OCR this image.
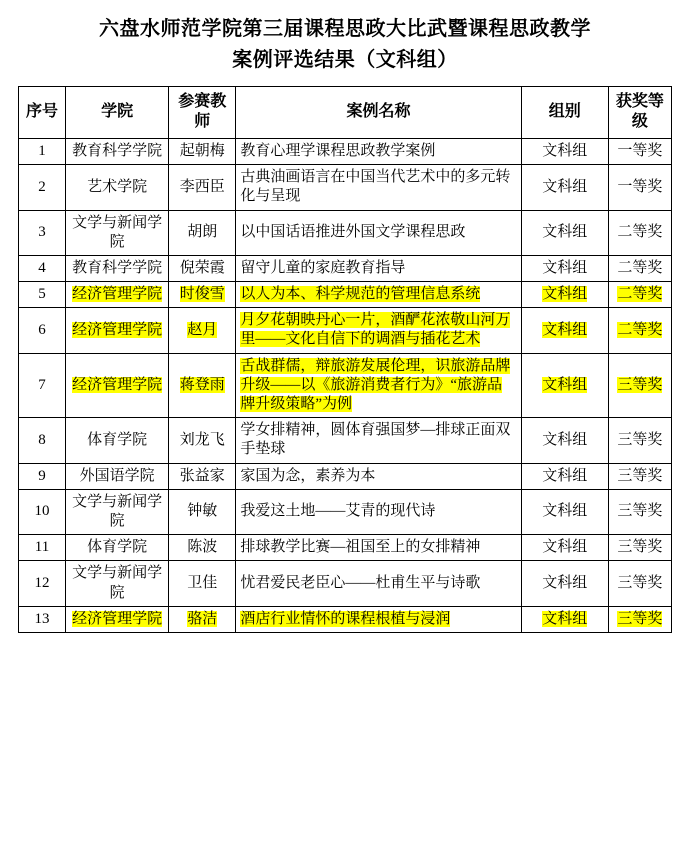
六盘水师范学院第三届课程思政大比武暨课程思政教学
案例评选结果（文科组）
序号	学院	参赛教师	案例名称	组别	获奖等级

1	教育科学学院	起朝梅	教育心理学课程思政教学案例	文科组	一等奖

2	艺术学院	李西臣	古典油画语言在中国当代艺术中的多元转化与呈现	文科组	一等奖

3	文学与新闻学院	胡朗	以中国话语推进外国文学课程思政	文科组	二等奖

4	教育科学学院	倪荣霞	留守儿童的家庭教育指导	文科组	二等奖

5	经济管理学院	时俊雪	以人为本、科学规范的管理信息系统	文科组	二等奖

6	经济管理学院	赵月	月夕花朝映丹心一片，酒酽花浓敬山河万里——文化自信下的调酒与插花艺术	文科组	二等奖

7	经济管理学院	蒋登雨	舌战群儒，辩旅游发展伦理，识旅游品牌升级——以《旅游消费者行为》“旅游品牌升级策略”为例	文科组	三等奖

8	体育学院	刘龙飞	学女排精神，圆体育强国梦—排球正面双手垫球	文科组	三等奖

9	外国语学院	张益家	家国为念，素养为本	文科组	三等奖

10	文学与新闻学院	钟敏	我爱这土地——艾青的现代诗	文科组	三等奖

11	体育学院	陈波	排球教学比赛—祖国至上的女排精神	文科组	三等奖

12	文学与新闻学院	卫佳	忧君爱民老臣心——杜甫生平与诗歌	文科组	三等奖

13	经济管理学院	骆洁	酒店行业情怀的课程根植与浸润	文科组	三等奖
